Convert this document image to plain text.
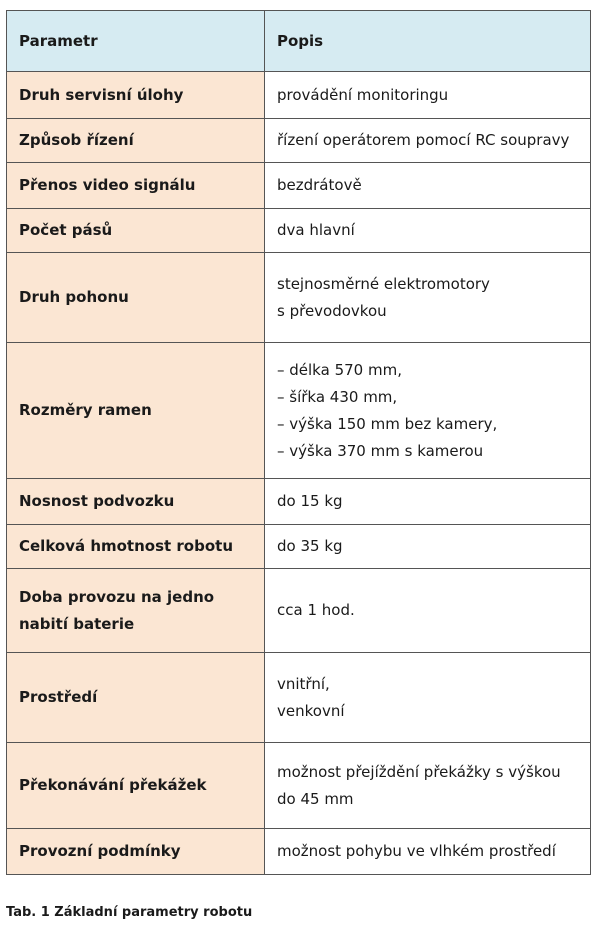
Parametr	Popis

Druh servisní úlohy	provádění monitoringu

Způsob řízení	řízení operátorem pomocí RC soupravy

Přenos video signálu	bezdrátově

Počet pásů	dva hlavní

Druh pohonu	stejnosměrné elektromotory
s převodovkou

Rozměry ramen	– délka 570 mm,
– šířka 430 mm,
– výška 150 mm bez kamery,
– výška 370 mm s kamerou

Nosnost podvozku	do 15 kg

Celková hmotnost robotu	do 35 kg

Doba provozu na jedno
nabití baterie	cca 1 hod.

Prostředí	vnitřní,
venkovní

Překonávání překážek	možnost přejíždění překážky s výškou
do 45 mm

Provozní podmínky	možnost pohybu ve vlhkém prostředí
Tab. 1 Základní parametry robotu
